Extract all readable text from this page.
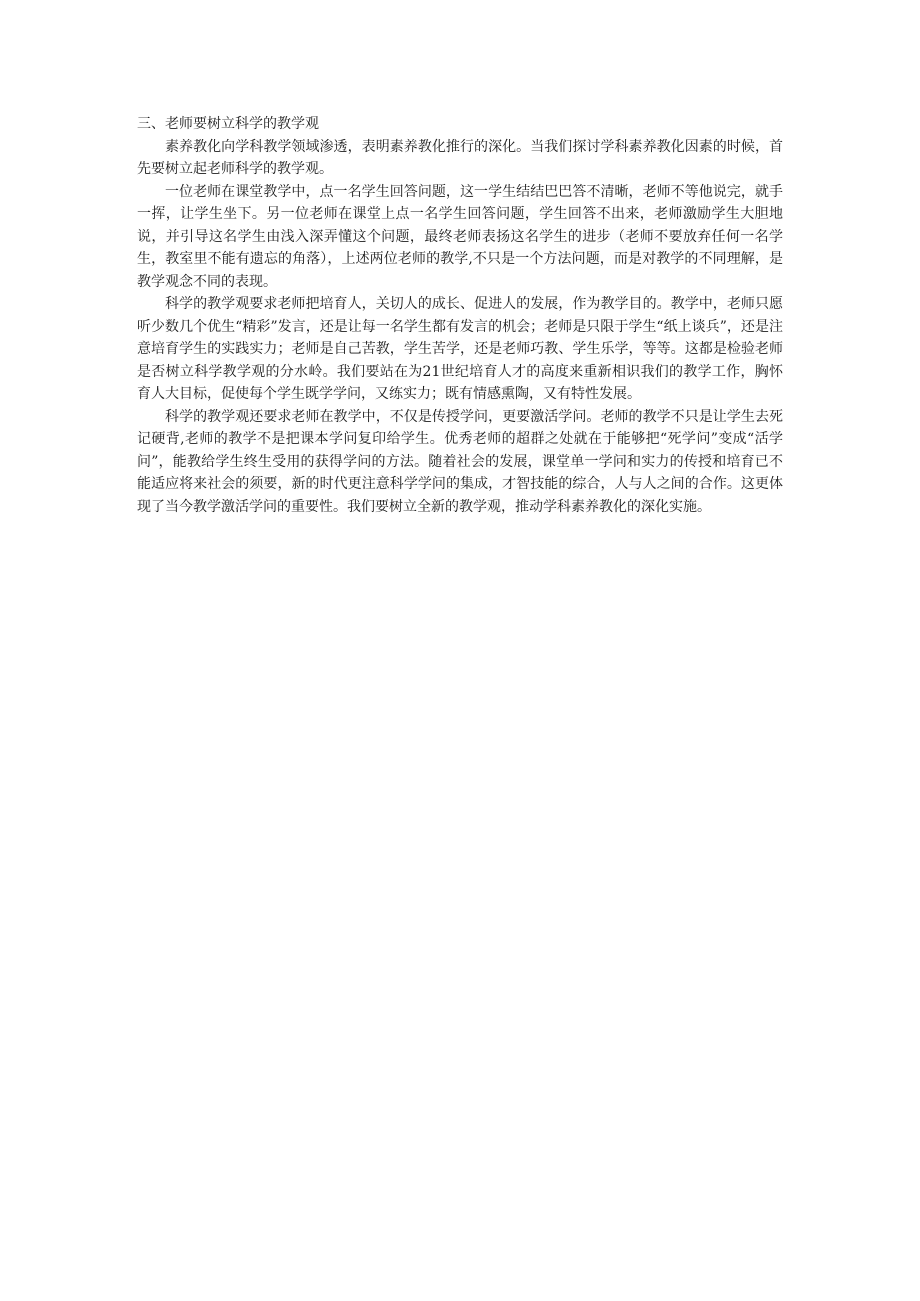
三、老师要树立科学的教学观

素养教化向学科教学领域渗透，表明素养教化推行的深化。当我们探讨学科素养教化因素的时候，首先要树立起老师科学的教学观。

一位老师在课堂教学中，点一名学生回答问题，这一学生结结巴巴答不清晰，老师不等他说完，就手一挥，让学生坐下。另一位老师在课堂上点一名学生回答问题，学生回答不出来，老师激励学生大胆地说，并引导这名学生由浅入深弄懂这个问题，最终老师表扬这名学生的进步（老师不要放弃任何一名学生，教室里不能有遗忘的角落），上述两位老师的教学,不只是一个方法问题，而是对教学的不同理解，是教学观念不同的表现。

科学的教学观要求老师把培育人，关切人的成长、促进人的发展，作为教学目的。教学中，老师只愿听少数几个优生“精彩”发言，还是让每一名学生都有发言的机会；老师是只限于学生“纸上谈兵”，还是注意培育学生的实践实力；老师是自己苦教，学生苦学，还是老师巧教、学生乐学，等等。这都是检验老师是否树立科学教学观的分水岭。我们要站在为21世纪培育人才的高度来重新相识我们的教学工作，胸怀育人大目标，促使每个学生既学学问，又练实力；既有情感熏陶，又有特性发展。

科学的教学观还要求老师在教学中，不仅是传授学问，更要激活学问。老师的教学不只是让学生去死记硬背,老师的教学不是把课本学问复印给学生。优秀老师的超群之处就在于能够把“死学问”变成“活学问”，能教给学生终生受用的获得学问的方法。随着社会的发展，课堂单一学问和实力的传授和培育已不能适应将来社会的须要，新的时代更注意科学学问的集成，才智技能的综合，人与人之间的合作。这更体现了当今教学激活学问的重要性。我们要树立全新的教学观，推动学科素养教化的深化实施。
